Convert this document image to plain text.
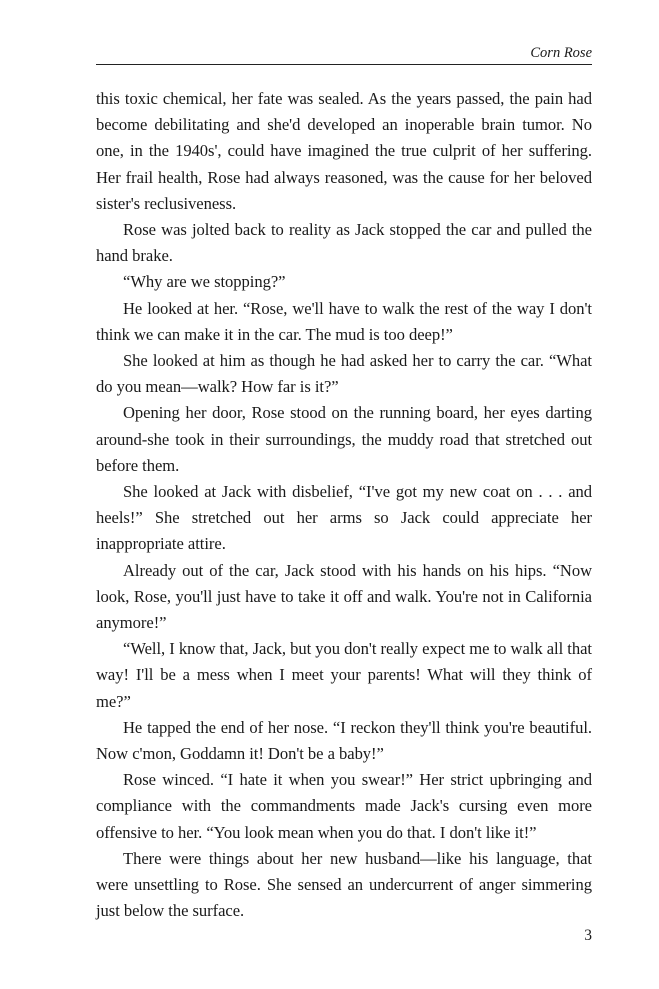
Corn Rose

this toxic chemical, her fate was sealed. As the years passed, the pain had become debilitating and she'd developed an inoperable brain tumor. No one, in the 1940s', could have imagined the true culprit of her suffering. Her frail health, Rose had always reasoned, was the cause for her beloved sister's reclusiveness.

Rose was jolted back to reality as Jack stopped the car and pulled the hand brake.

“Why are we stopping?”

He looked at her. “Rose, we'll have to walk the rest of the way I don't think we can make it in the car. The mud is too deep!”

She looked at him as though he had asked her to carry the car. “What do you mean—walk? How far is it?”

Opening her door, Rose stood on the running board, her eyes darting around-she took in their surroundings, the muddy road that stretched out before them.

She looked at Jack with disbelief, “I've got my new coat on . . . and heels!” She stretched out her arms so Jack could appreciate her inappropriate attire.

Already out of the car, Jack stood with his hands on his hips. “Now look, Rose, you'll just have to take it off and walk. You're not in California anymore!”

“Well, I know that, Jack, but you don't really expect me to walk all that way! I'll be a mess when I meet your parents! What will they think of me?”

He tapped the end of her nose. “I reckon they'll think you're beautiful. Now c'mon, Goddamn it! Don't be a baby!”

Rose winced. “I hate it when you swear!” Her strict upbringing and compliance with the commandments made Jack's cursing even more offensive to her. “You look mean when you do that. I don't like it!”

There were things about her new husband—like his language, that were unsettling to Rose. She sensed an undercurrent of anger simmering just below the surface.

3
